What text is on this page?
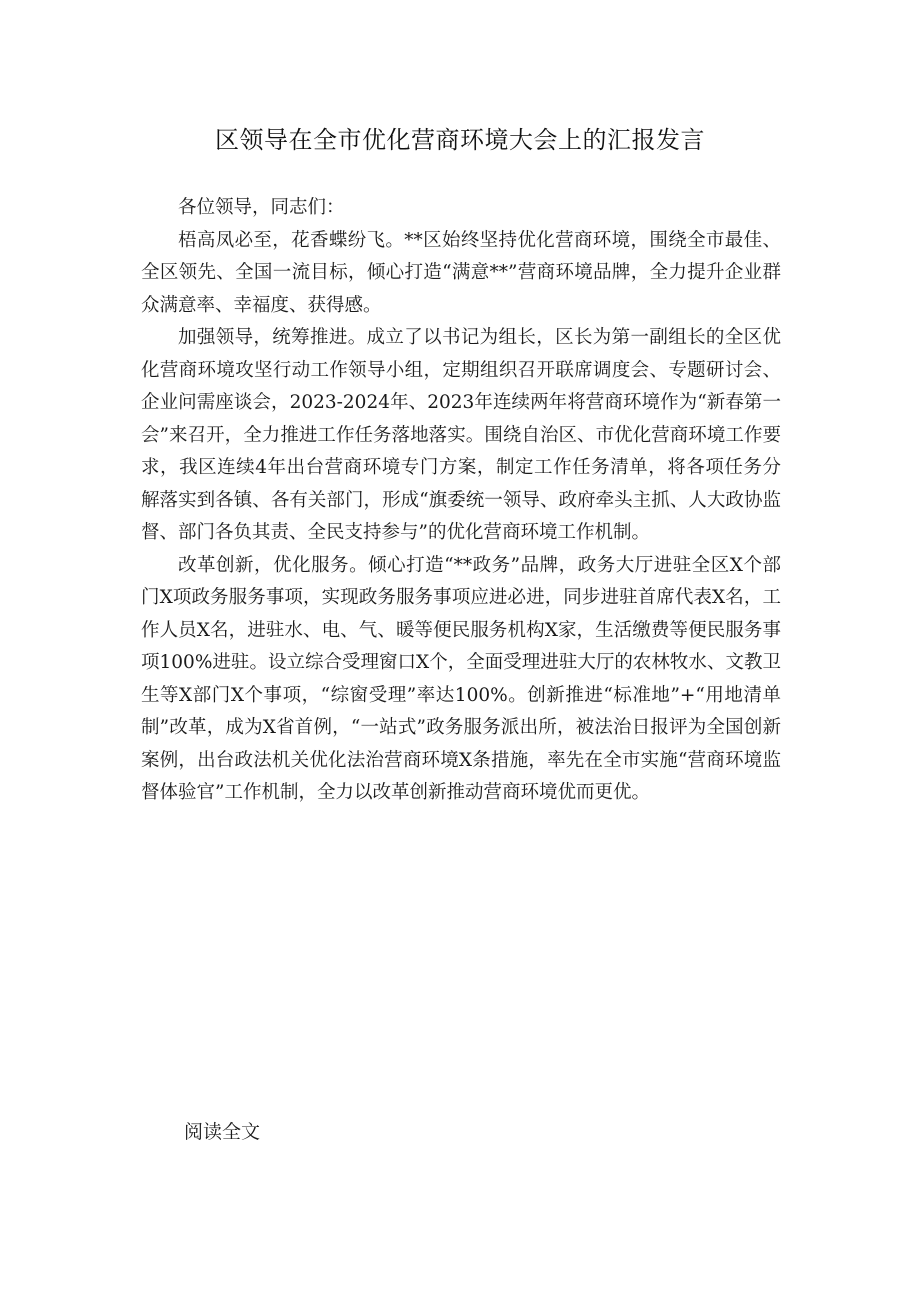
区领导在全市优化营商环境大会上的汇报发言

各位领导，同志们：

梧高凤必至，花香蝶纷飞。**区始终坚持优化营商环境，围绕全市最佳、全区领先、全国一流目标，倾心打造“满意**”营商环境品牌，全力提升企业群众满意率、幸福度、获得感。

加强领导，统筹推进。成立了以书记为组长，区长为第一副组长的全区优化营商环境攻坚行动工作领导小组，定期组织召开联席调度会、专题研讨会、企业问需座谈会，2023-2024年、2023年连续两年将营商环境作为“新春第一会”来召开，全力推进工作任务落地落实。围绕自治区、市优化营商环境工作要求，我区连续4年出台营商环境专门方案，制定工作任务清单，将各项任务分解落实到各镇、各有关部门，形成“旗委统一领导、政府牵头主抓、人大政协监督、部门各负其责、全民支持参与”的优化营商环境工作机制。

改革创新，优化服务。倾心打造“**政务”品牌，政务大厅进驻全区X个部门X项政务服务事项，实现政务服务事项应进必进，同步进驻首席代表X名，工作人员X名，进驻水、电、气、暖等便民服务机构X家，生活缴费等便民服务事项100%进驻。设立综合受理窗口X个，全面受理进驻大厅的农林牧水、文教卫生等X部门X个事项，“综窗受理”率达100%。创新推进“标准地”+“用地清单制”改革，成为X省首例，“一站式”政务服务派出所，被法治日报评为全国创新案例，出台政法机关优化法治营商环境X条措施，率先在全市实施“营商环境监督体验官”工作机制，全力以改革创新推动营商环境优而更优。

阅读全文
